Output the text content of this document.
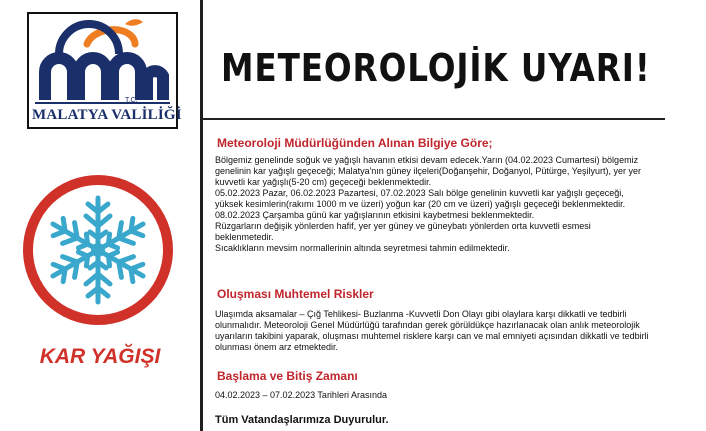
T.C.
MALATYA VALİLİĞİ
KAR YAĞIŞI
METEOROLOJİK UYARI!
Meteoroloji Müdürlüğünden Alınan Bilgiye Göre;
Bölgemiz genelinde soğuk ve yağışlı havanın etkisi devam edecek.Yarın (04.02.2023 Cumartesi) bölgemiz
genelinin kar yağışlı geçeceği; Malatya'nın güney ilçeleri(Doğanşehir, Doğanyol, Pütürge, Yeşilyurt), yer yer
kuvvetli kar yağışlı(5-20 cm) geçeceği beklenmektedir.
05.02.2023 Pazar, 06.02.2023 Pazartesi, 07.02.2023 Salı bölge genelinin kuvvetli kar yağışlı geçeceği,
yüksek kesimlerin(rakımı 1000 m ve üzeri) yoğun kar (20 cm ve üzeri) yağışlı geçeceği beklenmektedir.
08.02.2023 Çarşamba günü kar yağışlarının etkisini kaybetmesi beklenmektedir.
Rüzgarların değişik yönlerden hafif, yer yer güney ve güneybatı yönlerden orta kuvvetli esmesi
beklenmetedir.
Sıcaklıkların mevsim normallerinin altında seyretmesi tahmin edilmektedir.
Oluşması Muhtemel Riskler
Ulaşımda aksamalar – Çığ Tehlikesi- Buzlanma -Kuvvetli Don Olayı gibi olaylara karşı dikkatli ve tedbirli
olunmalıdır. Meteoroloji Genel Müdürlüğü tarafından gerek görüldükçe hazırlanacak olan anlık meteorolojik
uyarıların takibini yaparak, oluşması muhtemel risklere karşı can ve mal emniyeti açısından dikkatli ve tedbirli
olunması önem arz etmektedir.
Başlama ve Bitiş Zamanı
04.02.2023 – 07.02.2023 Tarihleri Arasında
Tüm Vatandaşlarımıza Duyurulur.
